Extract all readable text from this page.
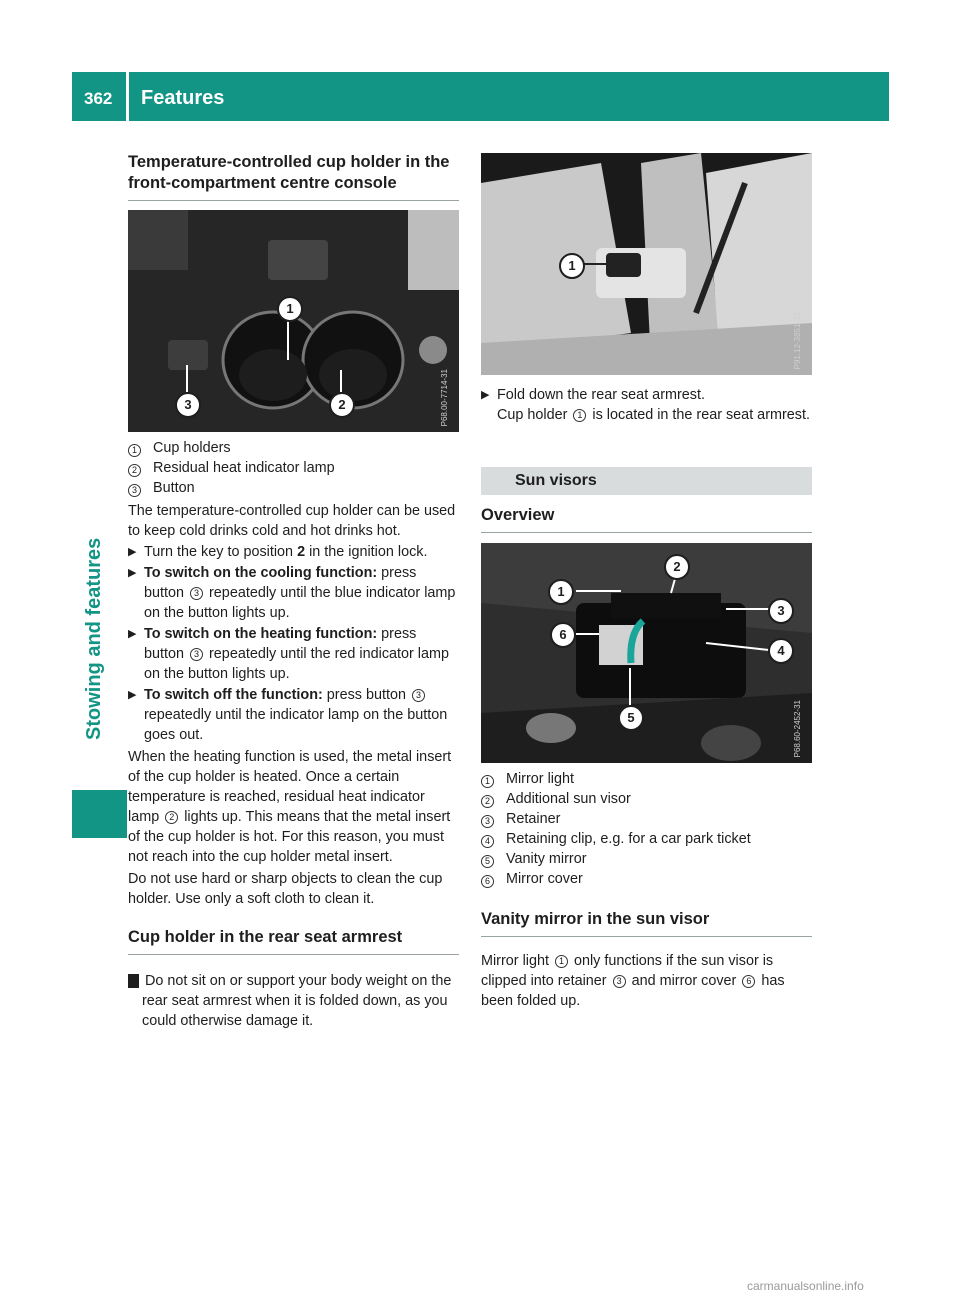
362 Features
Stowing and features
Temperature-controlled cup holder in the front-compartment centre console
1
2
3	P68.00-7714-31
1 Cup holders
2 Residual heat indicator lamp
3 Button

The temperature-controlled cup holder can be used to keep cold drinks cold and hot drinks hot.

▶ Turn the key to position 2 in the ignition lock.
▶ To switch on the cooling function: press button 3 repeatedly until the blue indicator lamp on the button lights up.
▶ To switch on the heating function: press button 3 repeatedly until the red indicator lamp on the button lights up.
▶ To switch off the function: press button 3 repeatedly until the indicator lamp on the button goes out.

When the heating function is used, the metal insert of the cup holder is heated. Once a certain temperature is reached, residual heat indicator lamp 2 lights up. This means that the metal insert of the cup holder is hot. For this reason, you must not reach into the cup holder metal insert.

Do not use hard or sharp objects to clean the cup holder. Use only a soft cloth to clean it.

Cup holder in the rear seat armrest

! Do not sit on or support your body weight on the rear seat armrest when it is folded down, as you could otherwise damage it.

1
P91.12-3851-31
▶ Fold down the rear seat armrest.
Cup holder 1 is located in the rear seat armrest.
Sun visors
Overview
1
2
3
4
5
6
P68.60-2452-31
1 Mirror light
2 Additional sun visor
3 Retainer
4 Retaining clip, e.g. for a car park ticket
5 Vanity mirror
6 Mirror cover
Vanity mirror in the sun visor

Mirror light 1 only functions if the sun visor is clipped into retainer 3 and mirror cover 6 has been folded up.

carmanualsonline.info
